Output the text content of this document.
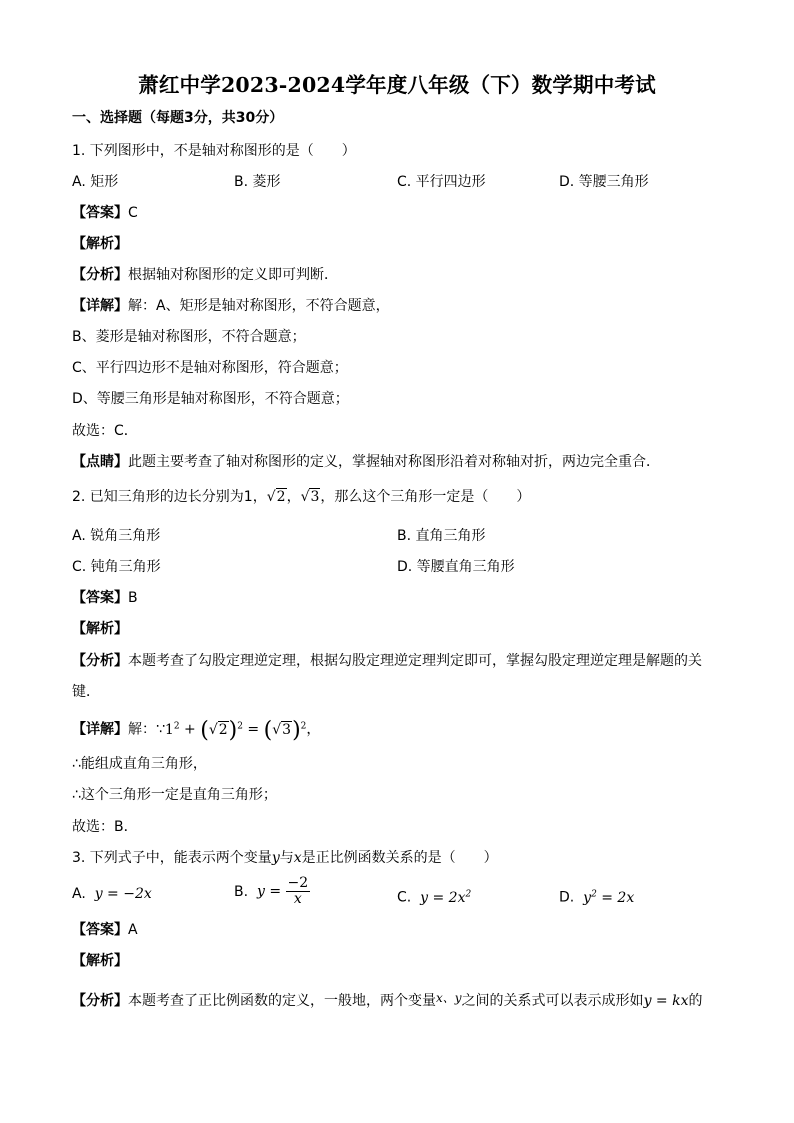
萧红中学2023-2024学年度八年级（下）数学期中考试
一、选择题（每题3分，共30分）
1. 下列图形中，不是轴对称图形的是（　　）
A. 矩形	B. 菱形	C. 平行四边形	D. 等腰三角形
【答案】C
【解析】
【分析】根据轴对称图形的定义即可判断．
【详解】解：A、矩形是轴对称图形，不符合题意，
B、菱形是轴对称图形，不符合题意；
C、平行四边形不是轴对称图形，符合题意；
D、等腰三角形是轴对称图形，不符合题意；
故选：C．
【点睛】此题主要考查了轴对称图形的定义，掌握轴对称图形沿着对称轴对折，两边完全重合．
2. 已知三角形的边长分别为1，√2，√3，那么这个三角形一定是（　　）
A. 锐角三角形	B. 直角三角形
C. 钝角三角形	D. 等腰直角三角形
【答案】B
【解析】
【分析】本题考查了勾股定理逆定理，根据勾股定理逆定理判定即可，掌握勾股定理逆定理是解题的关
键．
【详解】解：$\because 1^2 + (√2)^2 = (√3)^2$，
∴能组成直角三角形，
∴这个三角形一定是直角三角形；
故选：B．
3. 下列式子中，能表示两个变量y与x是正比例函数关系的是（　　）
A. y = −2x	B. $y = \frac{-2}{x}$	C. $y = 2x^2$	D. $y^2 = 2x$
【答案】A
【解析】
【分析】本题考查了正比例函数的定义，一般地，两个变量x、y之间的关系式可以表示成形如y = kx的
